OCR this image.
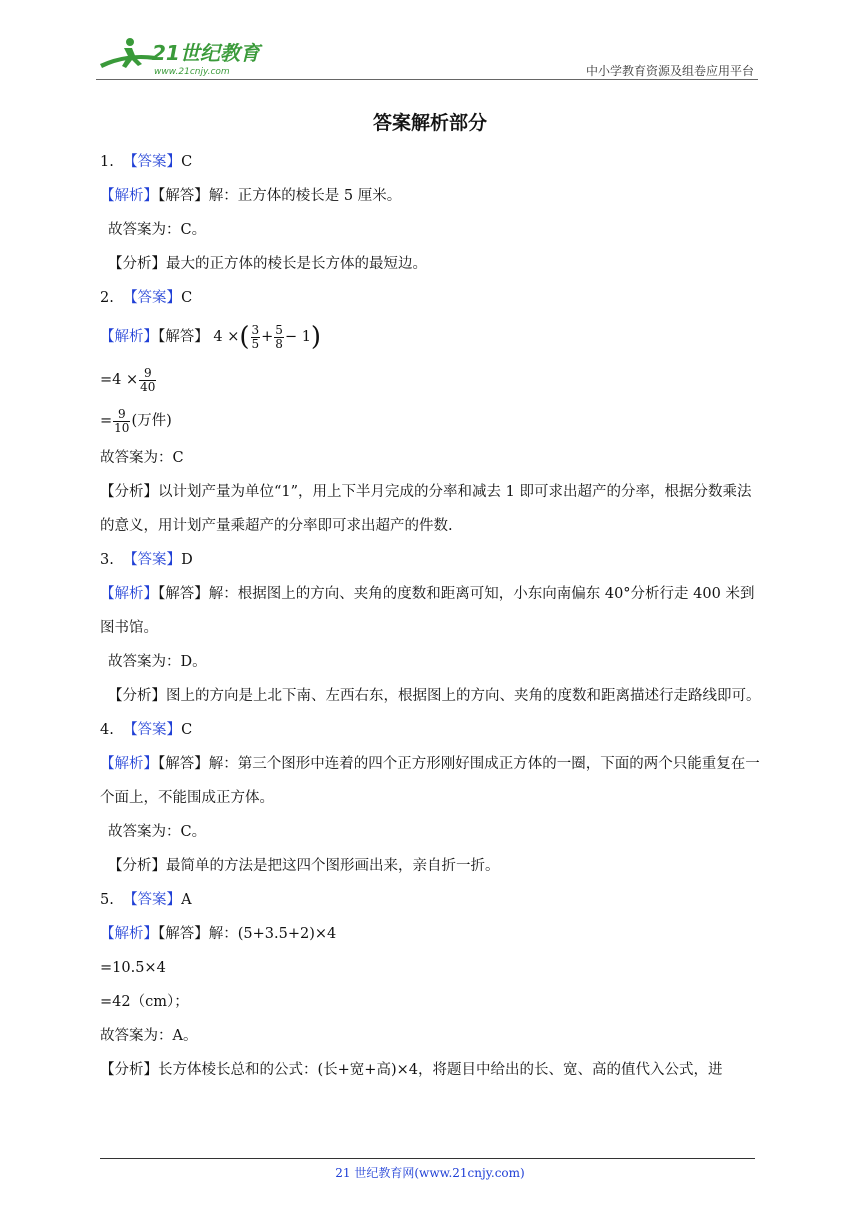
21世纪教育
www.21cnjy.com	中小学教育资源及组卷应用平台
答案解析部分
1. 【答案】C
【解析】【解答】解：正方体的棱长是 5 厘米。
故答案为：C。
【分析】最大的正方体的棱长是长方体的最短边。
2. 【答案】C
【解析】【解答】 4 ×( $\frac{3}{5} + \frac{5}{8} - 1$)
$=4 \times \frac{9}{40}$
= $\frac{9}{10}$ (万件)
故答案为：C
【分析】以计划产量为单位“1”，用上下半月完成的分率和减去 1 即可求出超产的分率，根据分数乘法的意义，用计划产量乘超产的分率即可求出超产的件数.
3. 【答案】D
【解析】【解答】解：根据图上的方向、夹角的度数和距离可知，小东向南偏东 40°分析行走 400 米到图书馆。
故答案为：D。
【分析】图上的方向是上北下南、左西右东，根据图上的方向、夹角的度数和距离描述行走路线即可。
4. 【答案】C
【解析】【解答】解：第三个图形中连着的四个正方形刚好围成正方体的一圈，下面的两个只能重复在一个面上，不能围成正方体。
故答案为：C。
【分析】最简单的方法是把这四个图形画出来，亲自折一折。
5. 【答案】A
【解析】【解答】解：(5+3.5+2)×4
=10.5×4
=42（cm）；
故答案为：A。
【分析】长方体棱长总和的公式：(长+宽+高)×4，将题目中给出的长、宽、高的值代入公式，进
21 世纪教育网(www.21cnjy.com)
